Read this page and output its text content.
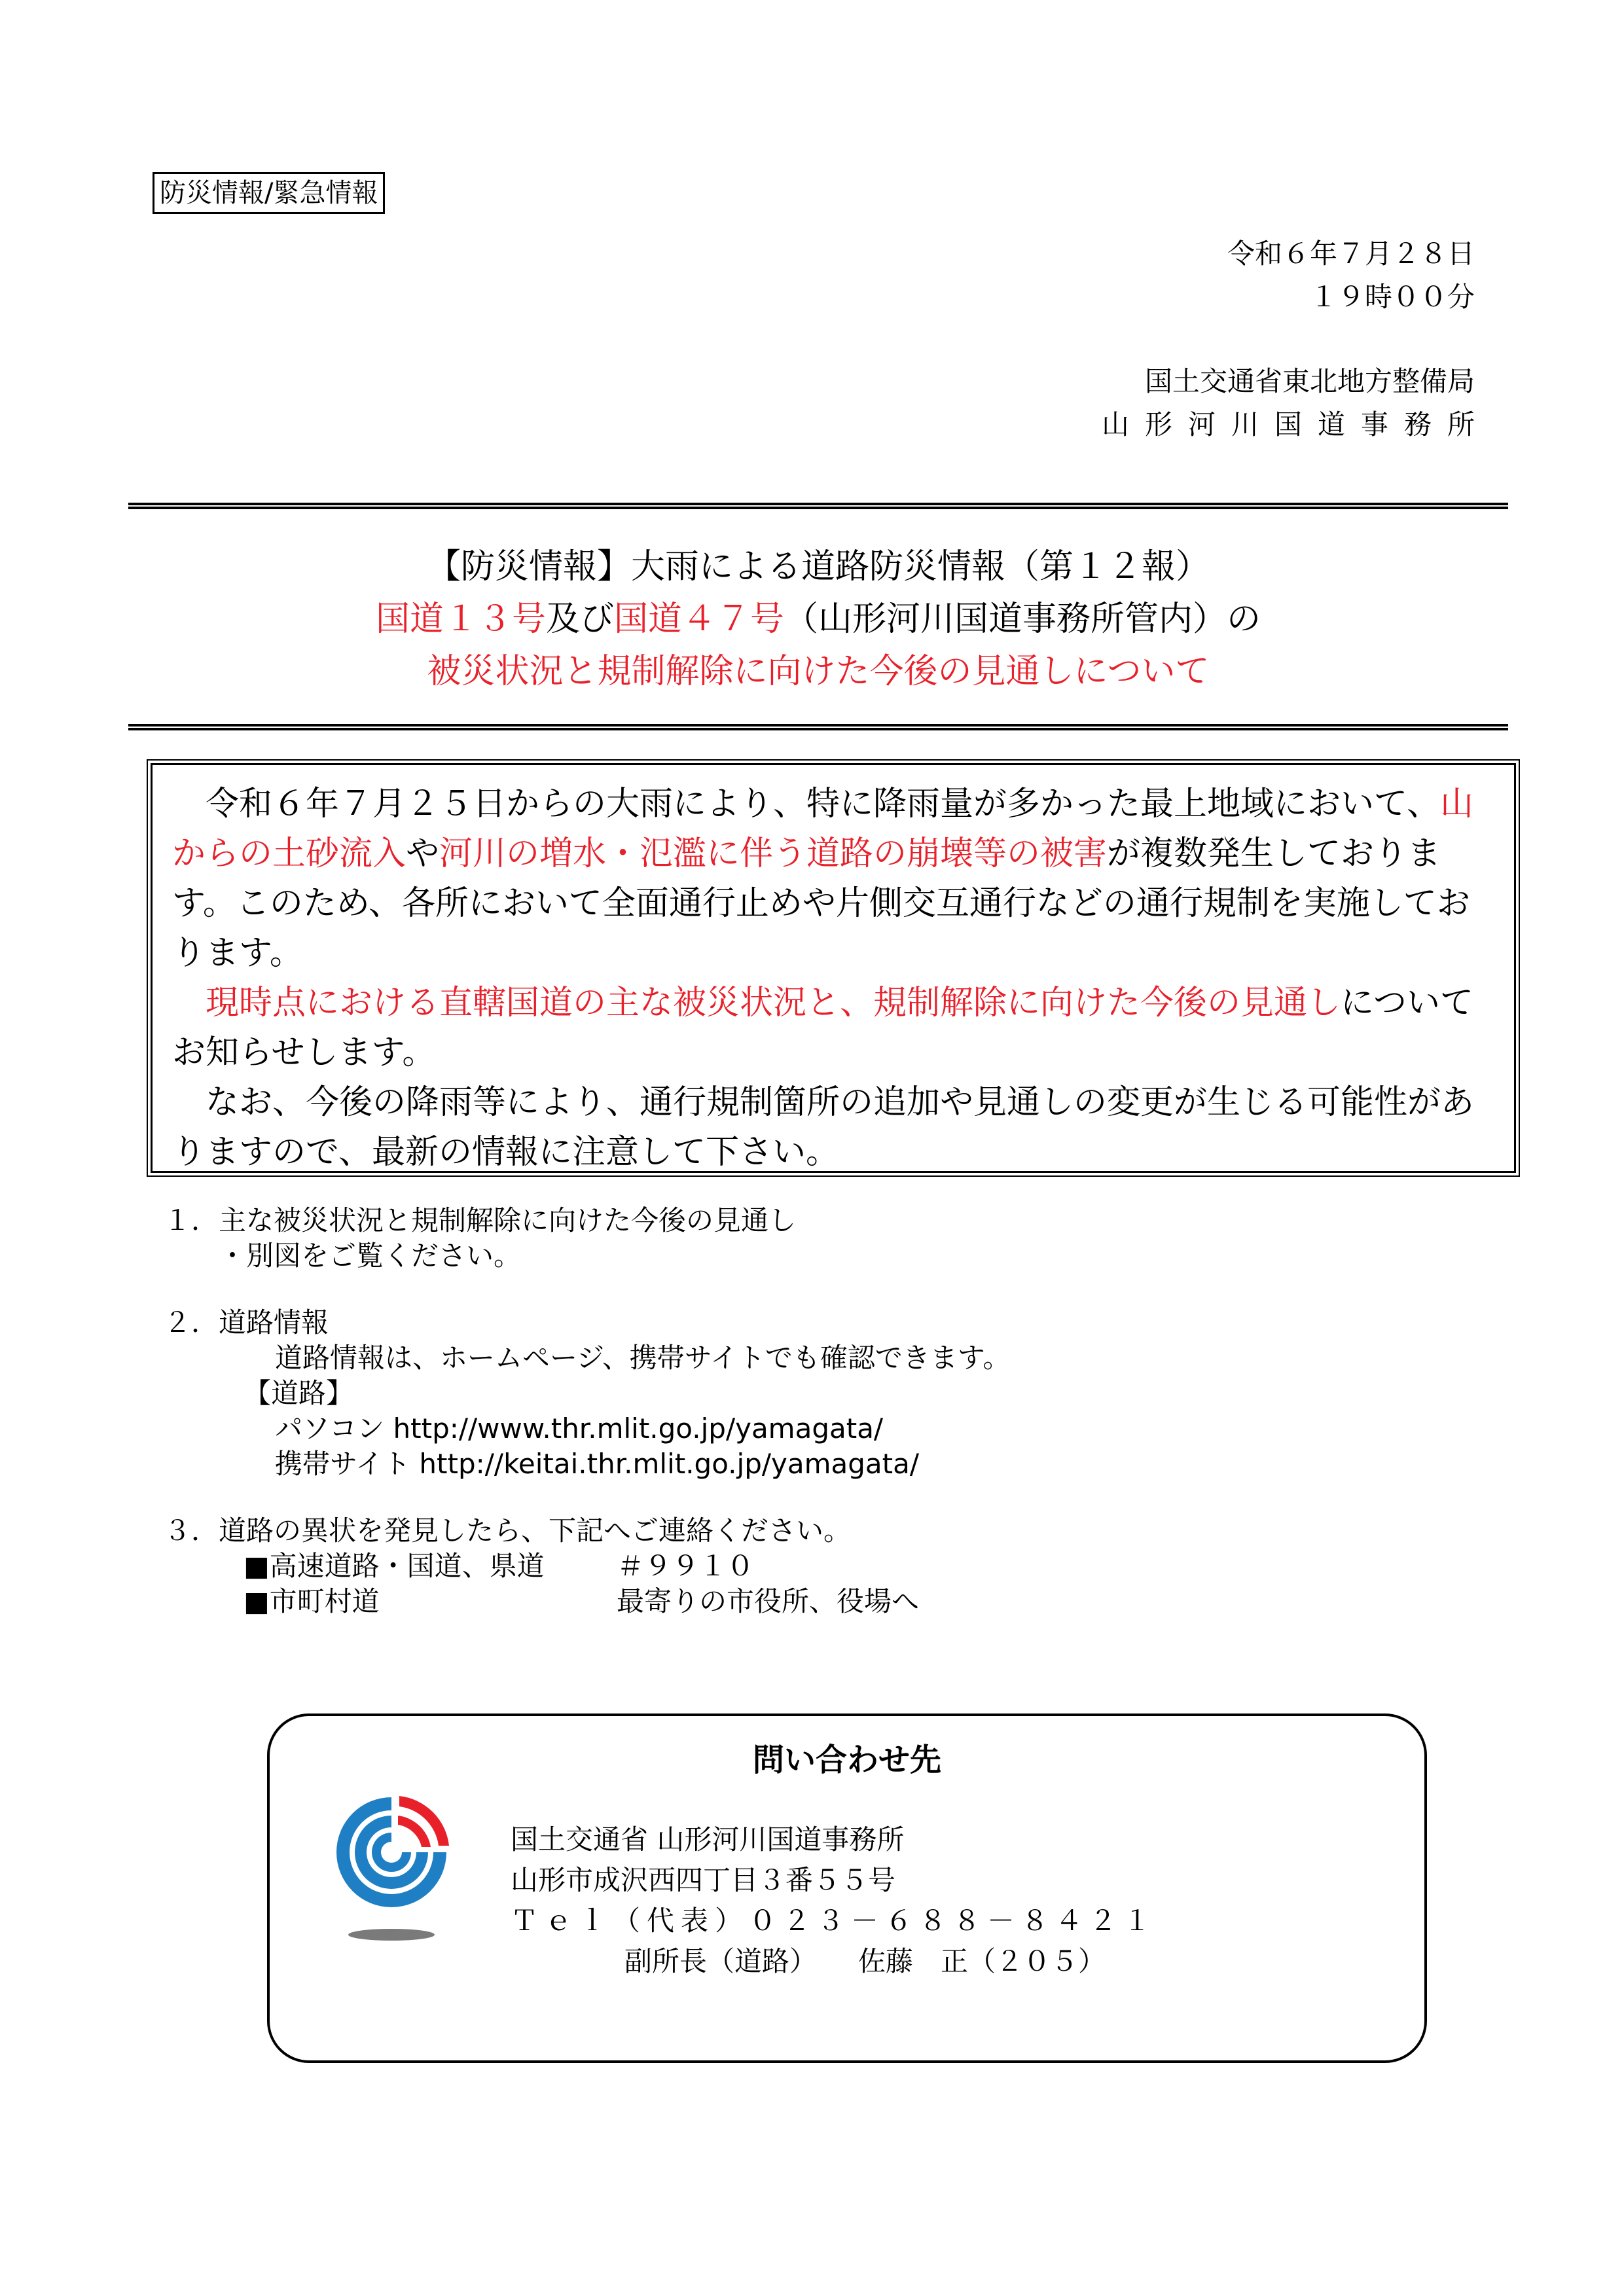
防災情報/緊急情報
令和６年７月２８日
１９時００分
国土交通省東北地方整備局
山形河川国道事務所
【防災情報】大雨による道路防災情報（第１２報）
国道１３号及び国道４７号（山形河川国道事務所管内）の
被災状況と規制解除に向けた今後の見通しについて

令和６年７月２５日からの大雨により、特に降雨量が多かった最上地域において、山からの土砂流入や河川の増水・氾濫に伴う道路の崩壊等の被害が複数発生しております。このため、各所において全面通行止めや片側交互通行などの通行規制を実施しております。

現時点における直轄国道の主な被災状況と、規制解除に向けた今後の見通しについてお知らせします。

なお、今後の降雨等により、通行規制箇所の追加や見通しの変更が生じる可能性がありますので、最新の情報に注意して下さい。

１．主な被災状況と規制解除に向けた今後の見通し
・別図をご覧ください。
２．道路情報
道路情報は、ホームページ、携帯サイトでも確認できます。
【道路】
パソコン http://www.thr.mlit.go.jp/yamagata/
携帯サイト http://keitai.thr.mlit.go.jp/yamagata/
３．道路の異状を発見したら、下記へご連絡ください。
■高速道路・国道、県道	＃９９１０
■市町村道	最寄りの市役所、役場へ
問い合わせ先
国土交通省 山形河川国道事務所
山形市成沢西四丁目３番５５号
Ｔｅｌ（代表）０２３－６８８－８４２１
副所長（道路）　　佐藤　正（２０５）
